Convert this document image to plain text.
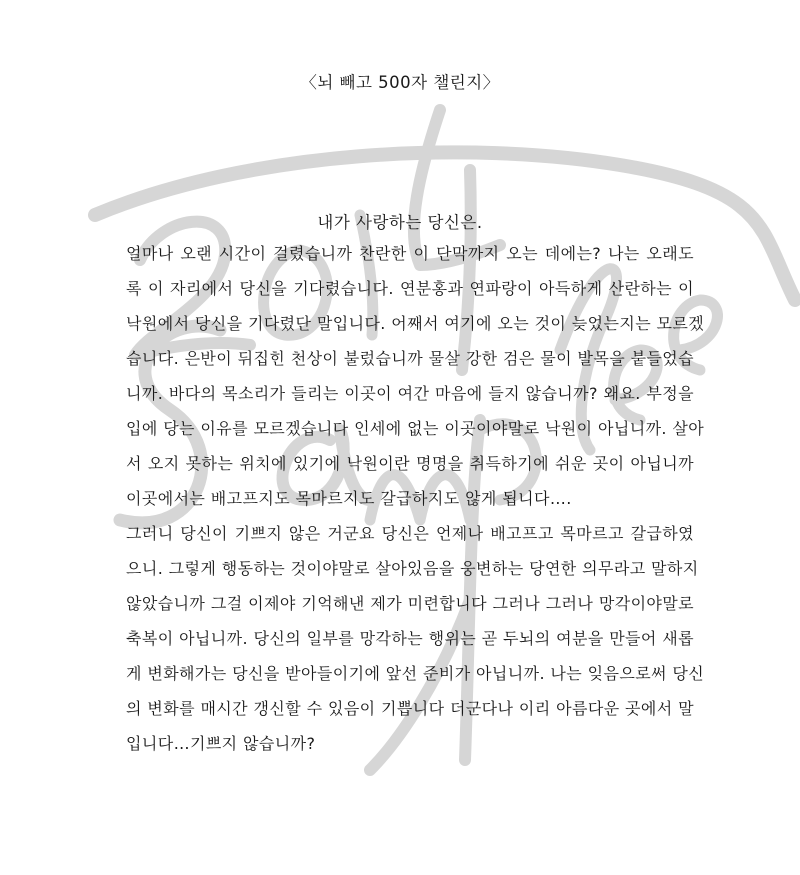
〈뇌 빼고 500자 챌린지〉
내가 사랑하는 당신은.
얼마나 오랜 시간이 걸렸습니까 찬란한 이 단막까지 오는 데에는? 나는 오래도
록 이 자리에서 당신을 기다렸습니다. 연분홍과 연파랑이 아득하게 산란하는 이
낙원에서 당신을 기다렸단 말입니다. 어째서 여기에 오는 것이 늦었는지는 모르겠
습니다. 은반이 뒤집힌 천상이 불렀습니까 물살 강한 검은 물이 발목을 붙들었습
니까. 바다의 목소리가 들리는 이곳이 여간 마음에 들지 않습니까? 왜요. 부정을
입에 당는 이유를 모르겠습니다 인세에 없는 이곳이야말로 낙원이 아닙니까. 살아
서 오지 못하는 위치에 있기에 낙원이란 명명을 취득하기에 쉬운 곳이 아닙니까
이곳에서는 배고프지도 목마르지도 갈급하지도 않게 됩니다….
그러니 당신이 기쁘지 않은 거군요 당신은 언제나 배고프고 목마르고 갈급하였
으니. 그렇게 행동하는 것이야말로 살아있음을 웅변하는 당연한 의무라고 말하지
않았습니까 그걸 이제야 기억해낸 제가 미련합니다 그러나 그러나 망각이야말로
축복이 아닙니까. 당신의 일부를 망각하는 행위는 곧 두뇌의 여분을 만들어 새롭
게 변화해가는 당신을 받아들이기에 앞선 준비가 아닙니까. 나는 잊음으로써 당신
의 변화를 매시간 갱신할 수 있음이 기쁩니다 더군다나 이리 아름다운 곳에서 말
입니다…기쁘지 않습니까?
